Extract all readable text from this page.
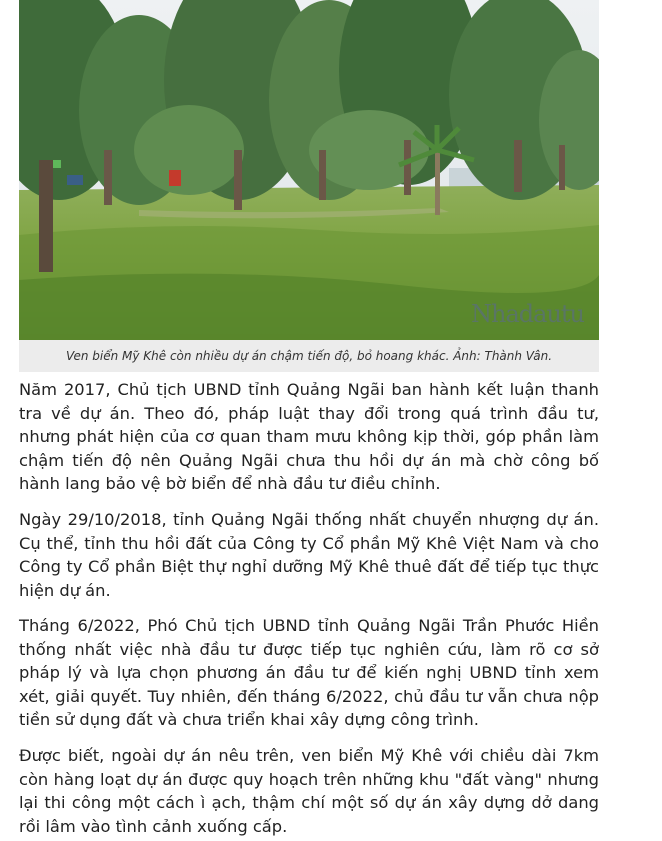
Nhadautu
Ven biển Mỹ Khê còn nhiều dự án chậm tiến độ, bỏ hoang khác. Ảnh: Thành Vân.

Năm 2017, Chủ tịch UBND tỉnh Quảng Ngãi ban hành kết luận thanh tra về dự án. Theo đó, pháp luật thay đổi trong quá trình đầu tư, nhưng phát hiện của cơ quan tham mưu không kịp thời, góp phần làm chậm tiến độ nên Quảng Ngãi chưa thu hồi dự án mà chờ công bố hành lang bảo vệ bờ biển để nhà đầu tư điều chỉnh.

Ngày 29/10/2018, tỉnh Quảng Ngãi thống nhất chuyển nhượng dự án. Cụ thể, tỉnh thu hồi đất của Công ty Cổ phần Mỹ Khê Việt Nam và cho Công ty Cổ phần Biệt thự nghỉ dưỡng Mỹ Khê thuê đất để tiếp tục thực hiện dự án.

Tháng 6/2022, Phó Chủ tịch UBND tỉnh Quảng Ngãi Trần Phước Hiền thống nhất việc nhà đầu tư được tiếp tục nghiên cứu, làm rõ cơ sở pháp lý và lựa chọn phương án đầu tư để kiến nghị UBND tỉnh xem xét, giải quyết. Tuy nhiên, đến tháng 6/2022, chủ đầu tư vẫn chưa nộp tiền sử dụng đất và chưa triển khai xây dựng công trình.

Được biết, ngoài dự án nêu trên, ven biển Mỹ Khê với chiều dài 7km còn hàng loạt dự án được quy hoạch trên những khu "đất vàng" nhưng lại thi công một cách ì ạch, thậm chí một số dự án xây dựng dở dang rồi lâm vào tình cảnh xuống cấp.
